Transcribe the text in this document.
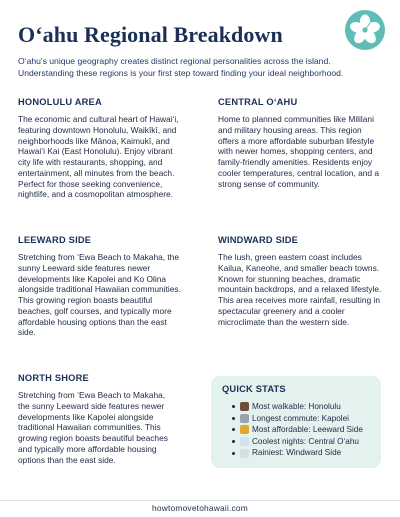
O‘ahu Regional Breakdown

O‘ahu's unique geography creates distinct regional personalities across the island. Understanding these regions is your first step toward finding your ideal neighborhood.

HONOLULU AREA

The economic and cultural heart of Hawai‘i, featuring downtown Honolulu, Waikīkī, and neighborhoods like Mānoa, Kaimukī, and Hawai‘i Kai (East Honolulu). Enjoy vibrant city life with restaurants, shopping, and entertainment, all minutes from the beach. Perfect for those seeking convenience, nightlife, and a cosmopolitan atmosphere.

CENTRAL O‘AHU

Home to planned communities like Mililani and military housing areas. This region offers a more affordable suburban lifestyle with newer homes, shopping centers, and family-friendly amenities. Residents enjoy cooler temperatures, central location, and a strong sense of community.

LEEWARD SIDE

Stretching from ‘Ewa Beach to Makaha, the sunny Leeward side features newer developments like Kapolei and Ko Olina alongside traditional Hawaiian communities. This growing region boasts beautiful beaches, golf courses, and typically more affordable housing options than the east side.

WINDWARD SIDE

The lush, green eastern coast includes Kailua, Kaneohe, and smaller beach towns. Known for stunning beaches, dramatic mountain backdrops, and a relaxed lifestyle. This area receives more rainfall, resulting in spectacular greenery and a cooler microclimate than the western side.

NORTH SHORE

Stretching from ‘Ewa Beach to Makaha, the sunny Leeward side features newer developments like Kapolei alongside traditional Hawaiian communities. This growing region boasts beautiful beaches and typically more affordable housing options than the east side.

QUICK STATS
Most walkable: Honolulu
Longest commute: Kapolei
Most affordable: Leeward Side
Coolest nights: Central O‘ahu
Rainiest: Windward Side
howtomovetohawaii.com
